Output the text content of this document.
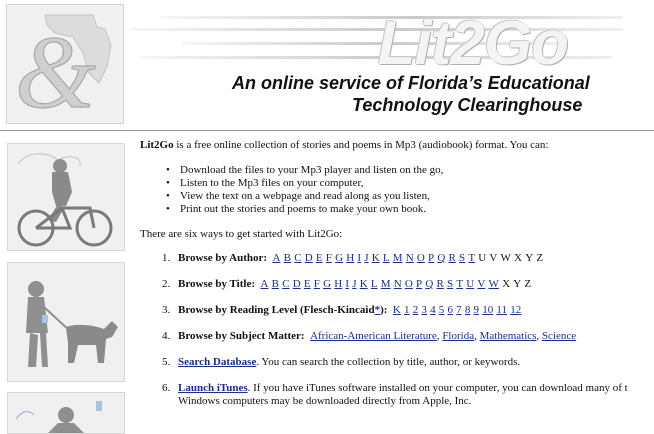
&	Lit2Go
An online service of Florida’s Educational
Technology Clearinghouse

Lit2Go is a free online collection of stories and poems in Mp3 (audiobook) format. You can:

• Download the files to your Mp3 player and listen on the go,
• Listen to the Mp3 files on your computer,
• View the text on a webpage and read along as you listen,
• Print out the stories and poems to make your own book.

There are six ways to get started with Lit2Go:

1. Browse by Author: A B C D E F G H I J K L M N O P Q R S T U V W X Y Z
2. Browse by Title: A B C D E F G H I J K L M N O P Q R S T U V W X Y Z
3. Browse by Reading Level (Flesch-Kincaid*): K 1 2 3 4 5 6 7 8 9 10 11 12
4. Browse by Subject Matter: African-American Literature, Florida, Mathematics, Science
5. Search Database. You can search the collection by title, author, or keywords.
6. Launch iTunes. If you have iTunes software installed on your computer, you can download many of t
Windows computers may be downloaded directly from Apple, Inc.
